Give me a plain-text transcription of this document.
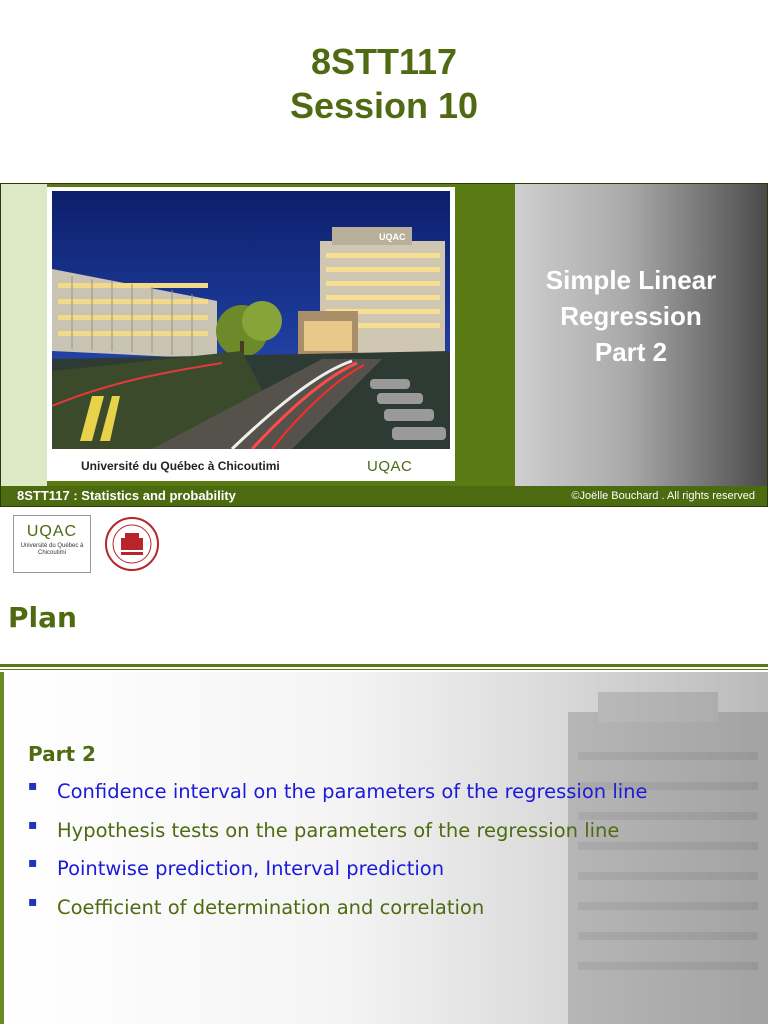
8STT117
Session 10
UQAC
Université du Québec à Chicoutimi	UQAC
Simple Linear
Regression
Part 2
8STT117 : Statistics and probability	©Joëlle Bouchard . All rights reserved
UQAC
Université du Québec à Chicoutimi
Plan
Part 2
▪ Confidence interval on the parameters of the regression line
▪ Hypothesis tests on the parameters of the regression line
▪ Pointwise prediction, Interval prediction
▪ Coefficient of determination and correlation
